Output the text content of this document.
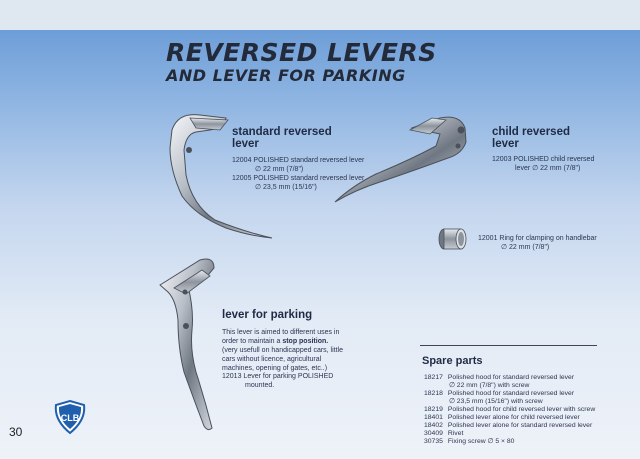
REVERSED LEVERS
AND LEVER FOR PARKING
standard reversed
lever
12004 POLISHED standard reversed lever
∅ 22 mm (7/8")
12005 POLISHED standard reversed lever
∅ 23,5 mm (15/16")
child reversed
lever
12003 POLISHED child reversed
lever ∅ 22 mm (7/8")
12001 Ring for clamping on handlebar
∅ 22 mm (7/8")
lever for parking
This lever is aimed to different uses in
order to maintain a stop position.
(very usefull on handicapped cars, little
cars without licence, agricultural
machines, opening of gates, etc..)
12013 Lever for parking POLISHED
mounted.
Spare parts
18217 Polished hood for standard reversed lever
∅ 22 mm (7/8") with screw
18218 Polished hood for standard reversed lever
∅ 23,5 mm (15/16") with screw
18219 Polished hood for child reversed lever with screw
18401 Polished lever alone for child reversed lever
18402 Polished lever alone for standard reversed lever
30409 Rivet
30735 Fixing screw ∅ 5 × 80
CLB
30
